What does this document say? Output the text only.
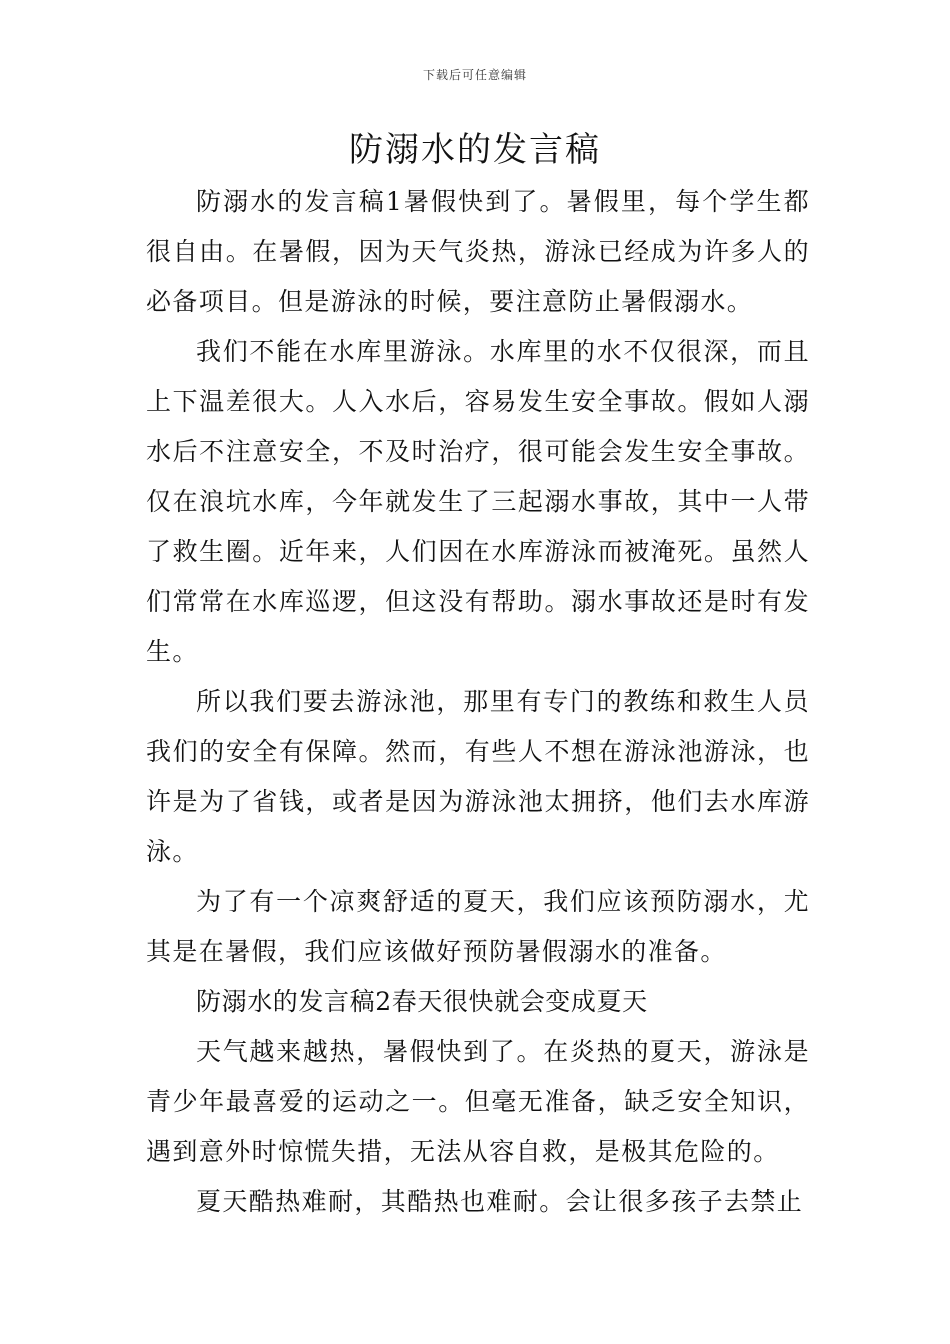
下载后可任意编辑
防溺水的发言稿

防溺水的发言稿1暑假快到了。暑假里，每个学生都很自由。在暑假，因为天气炎热，游泳已经成为许多人的必备项目。但是游泳的时候，要注意防止暑假溺水。

我们不能在水库里游泳。水库里的水不仅很深，而且上下温差很大。人入水后，容易发生安全事故。假如人溺水后不注意安全，不及时治疗，很可能会发生安全事故。仅在浪坑水库，今年就发生了三起溺水事故，其中一人带了救生圈。近年来，人们因在水库游泳而被淹死。虽然人们常常在水库巡逻，但这没有帮助。溺水事故还是时有发生。

所以我们要去游泳池，那里有专门的教练和救生人员我们的安全有保障。然而，有些人不想在游泳池游泳，也许是为了省钱，或者是因为游泳池太拥挤，他们去水库游泳。

为了有一个凉爽舒适的夏天，我们应该预防溺水，尤其是在暑假，我们应该做好预防暑假溺水的准备。

防溺水的发言稿2春天很快就会变成夏天

天气越来越热，暑假快到了。在炎热的夏天，游泳是青少年最喜爱的运动之一。但毫无准备，缺乏安全知识，遇到意外时惊慌失措，无法从容自救，是极其危险的。

夏天酷热难耐，其酷热也难耐。会让很多孩子去禁止
